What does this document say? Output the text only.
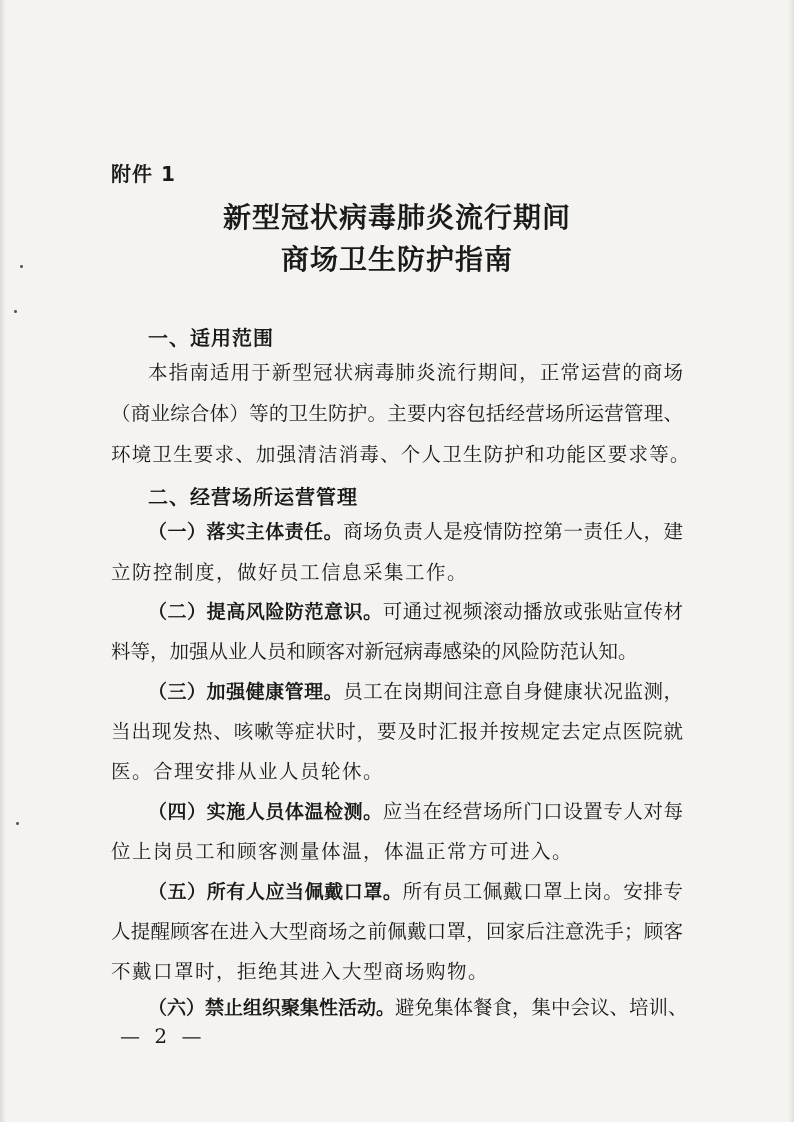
附件 1
新型冠状病毒肺炎流行期间
商场卫生防护指南
一、适用范围
本指南适用于新型冠状病毒肺炎流行期间，正常运营的商场
（商业综合体）等的卫生防护。主要内容包括经营场所运营管理、
环境卫生要求、加强清洁消毒、个人卫生防护和功能区要求等。
二、经营场所运营管理
（一）落实主体责任。商场负责人是疫情防控第一责任人，建
立防控制度，做好员工信息采集工作。
（二）提高风险防范意识。可通过视频滚动播放或张贴宣传材
料等，加强从业人员和顾客对新冠病毒感染的风险防范认知。
（三）加强健康管理。员工在岗期间注意自身健康状况监测，
当出现发热、咳嗽等症状时，要及时汇报并按规定去定点医院就
医。合理安排从业人员轮休。
（四）实施人员体温检测。应当在经营场所门口设置专人对每
位上岗员工和顾客测量体温，体温正常方可进入。
（五）所有人应当佩戴口罩。所有员工佩戴口罩上岗。安排专
人提醒顾客在进入大型商场之前佩戴口罩，回家后注意洗手；顾客
不戴口罩时，拒绝其进入大型商场购物。
（六）禁止组织聚集性活动。避免集体餐食，集中会议、培训、
— 2 —
